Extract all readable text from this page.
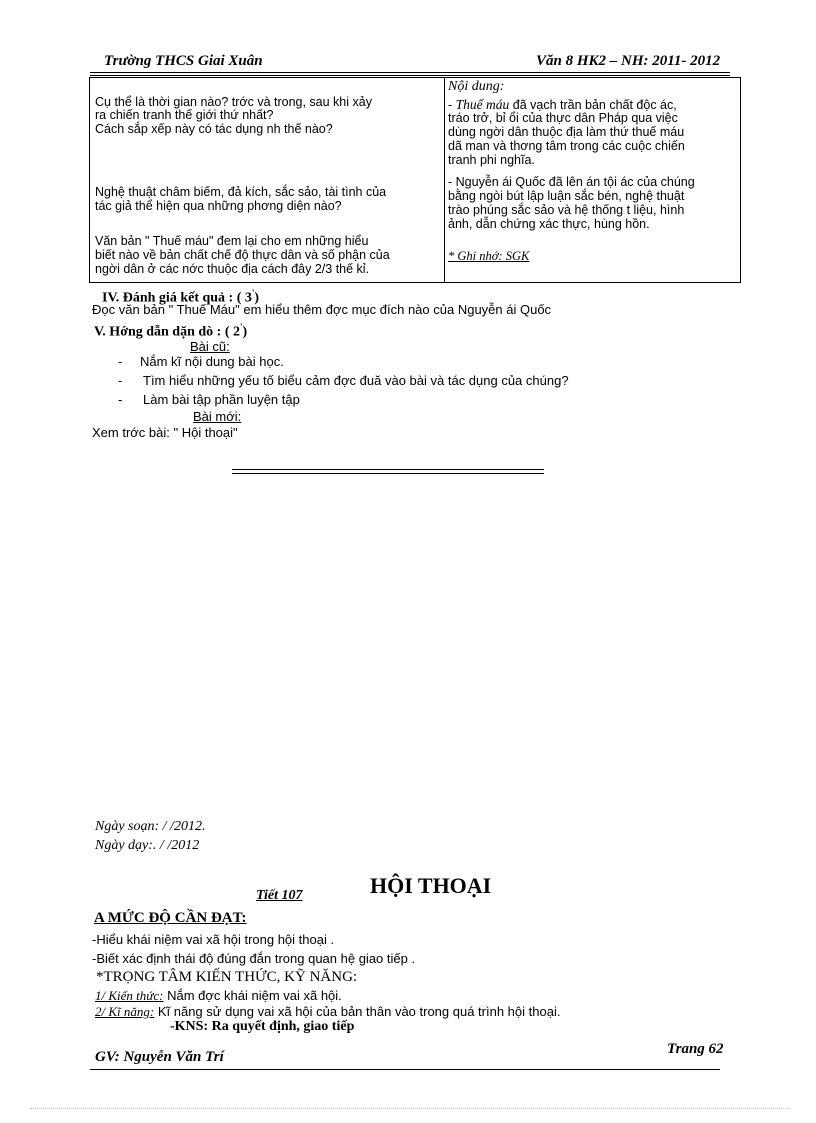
Trường THCS Giai Xuân	Văn 8 HK2 – NH: 2011- 2012
Cụ thể là thời gian nào? trớc và trong, sau khi xảy
ra chiến tranh thế giới thứ nhất?
Cách sắp xếp này có tác dụng nh thế nào?
Nghệ thuật châm biếm, đả kích, sắc sảo, tài tình của
tác giả thể hiện qua những phơng diện nào?
Văn bản " Thuế máu" đem lại cho em những hiểu
biết nào về bản chất chế độ thực dân và số phận của
ngời dân ở các nớc thuộc địa cách đây 2/3 thế kỉ.
Nội dung:
- Thuế máu đã vạch trần bản chất độc ác,
tráo trở, bỉ ổi của thực dân Pháp qua việc
dùng ngời dân thuộc địa làm thứ thuế máu
dã man và thơng tâm trong các cuộc chiến
tranh phi nghĩa.
- Nguyễn ái Quốc đã lên án tội ác của chúng
bằng ngòi bút lập luận sắc bén, nghệ thuật
trào phúng sắc sảo và hệ thống t liệu, hình
ảnh, dẫn chứng xác thực, hùng hồn.
* Ghi nhớ: SGK
IV. Đánh giá kết quả : ( 3')
Đọc văn bản " Thuế Máu" em hiểu thêm đợc mục đích nào của Nguyễn ái Quốc
V. Hớng dẫn dặn dò : ( 2')
Bài cũ:
- Nắm kĩ nội dung bài học.
- Tìm hiểu những yếu tố biểu cảm đợc đuă vào bài và tác dụng của chúng?
- Làm bài tập phần luyện tập
Bài mới:
Xem trớc bài: " Hội thoại"
Ngày soạn: / /2012.
Ngày dạy:. / /2012
Tiết 107	HỘI THOẠI
A MỨC ĐỘ CẦN ĐẠT:
-Hiểu khái niệm vai xã hội trong hội thoại .
-Biết xác định thái độ đúng đắn trong quan hệ giao tiếp .
*TRỌNG TÂM KIẾN THỨC, KỸ NĂNG:
1/ Kiến thức: Nắm đợc khái niệm vai xã hội.
2/ Kĩ năng: Kĩ năng sử dụng vai xã hội của bản thân vào trong quá trình hội thoại.
-KNS: Ra quyết định, giao tiếp
Trang 62
GV: Nguyễn Văn Trí
